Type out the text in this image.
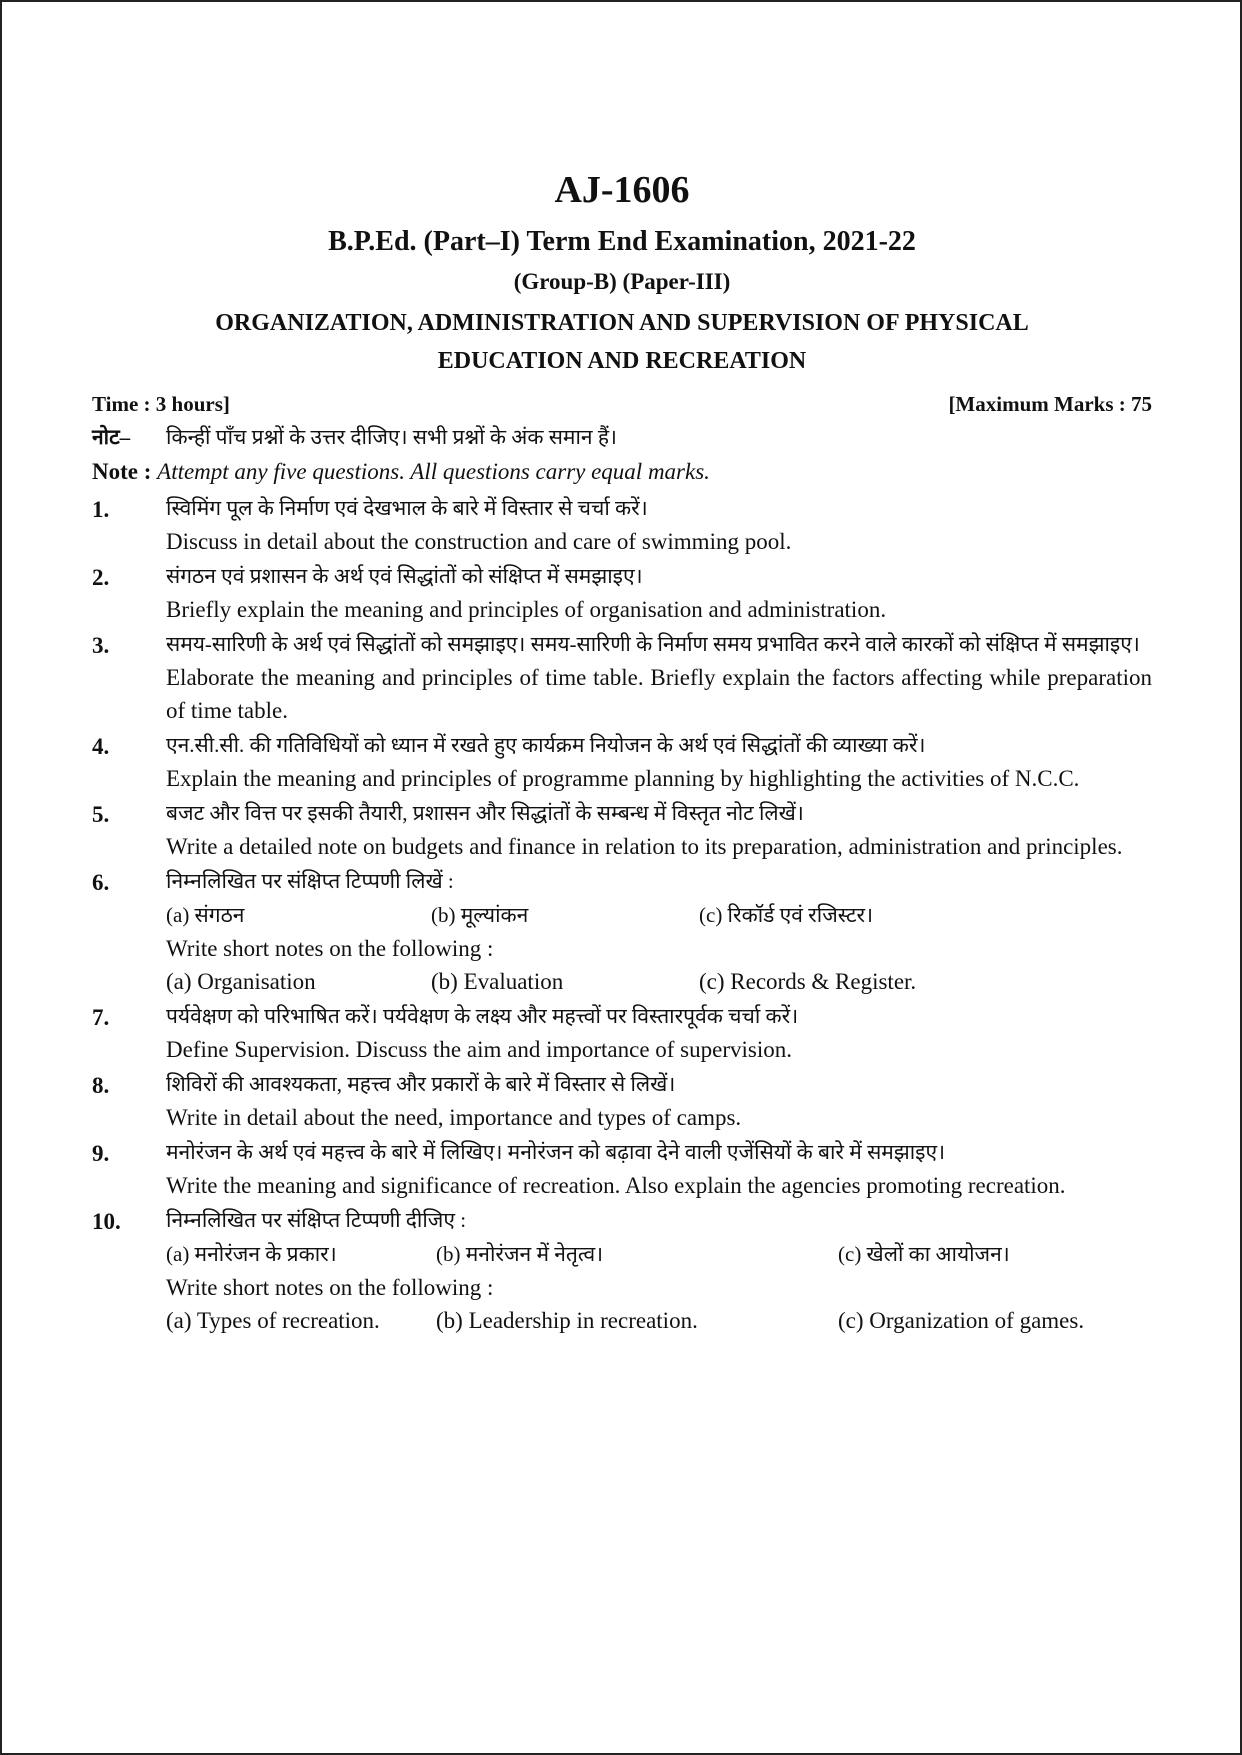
AJ-1606
B.P.Ed. (Part–I) Term End Examination, 2021-22
(Group-B) (Paper-III)
ORGANIZATION, ADMINISTRATION AND SUPERVISION OF PHYSICAL
EDUCATION AND RECREATION
Time : 3 hours]	[Maximum Marks : 75
नोट–	किन्हीं पाँच प्रश्नों के उत्तर दीजिए। सभी प्रश्नों के अंक समान हैं।
Note : Attempt any five questions. All questions carry equal marks.
1.	स्विमिंग पूल के निर्माण एवं देखभाल के बारे में विस्तार से चर्चा करें।
Discuss in detail about the construction and care of swimming pool.
2.	संगठन एवं प्रशासन के अर्थ एवं सिद्धांतों को संक्षिप्त में समझाइए।
Briefly explain the meaning and principles of organisation and administration.
3.	समय-सारिणी के अर्थ एवं सिद्धांतों को समझाइए। समय-सारिणी के निर्माण समय प्रभावित करने वाले कारकों को संक्षिप्त में समझाइए।
Elaborate the meaning and principles of time table. Briefly explain the factors affecting while preparation of time table.
4.	एन.सी.सी. की गतिविधियों को ध्यान में रखते हुए कार्यक्रम नियोजन के अर्थ एवं सिद्धांतों की व्याख्या करें।
Explain the meaning and principles of programme planning by highlighting the activities of N.C.C.
5.	बजट और वित्त पर इसकी तैयारी, प्रशासन और सिद्धांतों के सम्बन्ध में विस्तृत नोट लिखें।
Write a detailed note on budgets and finance in relation to its preparation, administration and principles.
6.	निम्नलिखित पर संक्षिप्त टिप्पणी लिखें :
(a) संगठन	(b) मूल्यांकन	(c) रिकॉर्ड एवं रजिस्टर।
Write short notes on the following :
(a) Organisation	(b) Evaluation	(c) Records & Register.
7.	पर्यवेक्षण को परिभाषित करें। पर्यवेक्षण के लक्ष्य और महत्त्वों पर विस्तारपूर्वक चर्चा करें।
Define Supervision. Discuss the aim and importance of supervision.
8.	शिविरों की आवश्यकता, महत्त्व और प्रकारों के बारे में विस्तार से लिखें।
Write in detail about the need, importance and types of camps.
9.	मनोरंजन के अर्थ एवं महत्त्व के बारे में लिखिए। मनोरंजन को बढ़ावा देने वाली एजेंसियों के बारे में समझाइए।
Write the meaning and significance of recreation. Also explain the agencies promoting recreation.
10.	निम्नलिखित पर संक्षिप्त टिप्पणी दीजिए :
(a) मनोरंजन के प्रकार।	(b) मनोरंजन में नेतृत्व।	(c) खेलों का आयोजन।
Write short notes on the following :
(a) Types of recreation.	(b) Leadership in recreation.	(c) Organization of games.
